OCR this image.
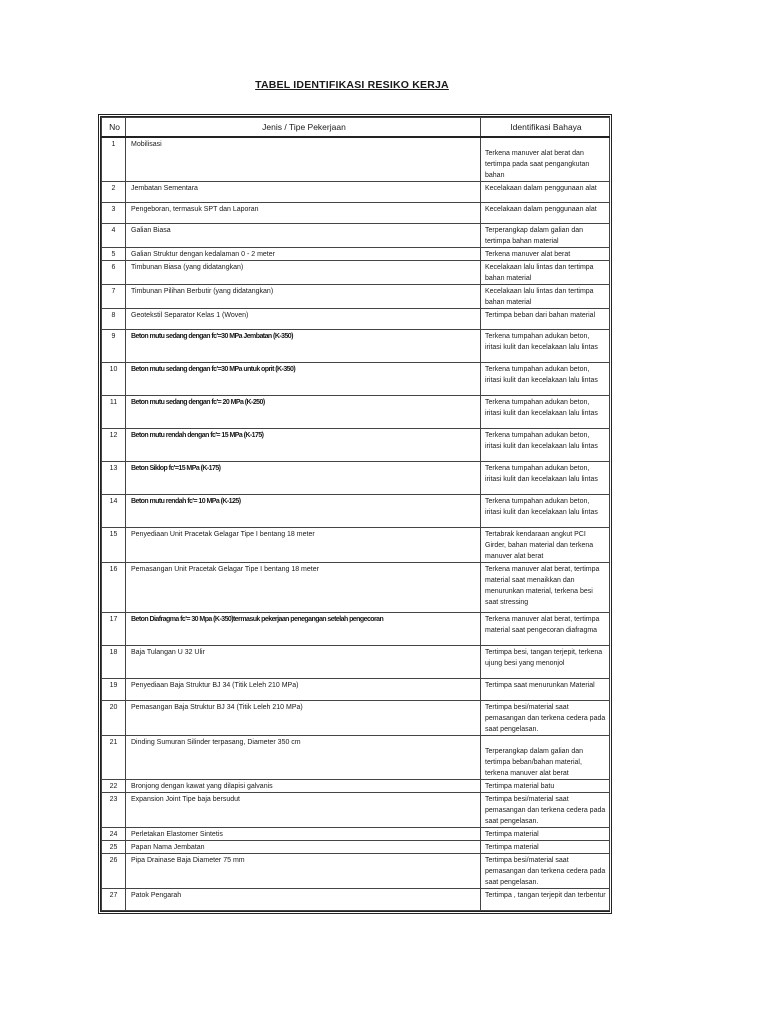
TABEL IDENTIFIKASI RESIKO KERJA
No	Jenis / Tipe Pekerjaan	Identifikasi Bahaya
1	Mobilisasi	Terkena manuver alat berat dan tertimpa pada saat pengangkutan bahan
2	Jembatan Sementara	Kecelakaan dalam penggunaan alat
3	Pengeboran, termasuk SPT dan Laporan	Kecelakaan dalam penggunaan alat
4	Galian Biasa	Terperangkap dalam galian dan tertimpa bahan material
5	Galian Struktur dengan kedalaman 0 - 2 meter	Terkena manuver alat berat
6	Timbunan Biasa (yang didatangkan)	Kecelakaan lalu lintas dan tertimpa bahan material
7	Timbunan Pilihan Berbutir (yang didatangkan)	Kecelakaan lalu lintas dan tertimpa bahan material
8	Geotekstil Separator Kelas 1 (Woven)	Tertimpa beban dari bahan material
9	Beton mutu sedang dengan fc'=30 MPa Jembatan (K-350)	Terkena tumpahan adukan beton, iritasi kulit dan kecelakaan lalu lintas
10	Beton mutu sedang dengan fc'=30 MPa untuk oprit (K-350)	Terkena tumpahan adukan beton, iritasi kulit dan kecelakaan lalu lintas
11	Beton mutu sedang dengan fc'= 20 MPa (K-250)	Terkena tumpahan adukan beton, iritasi kulit dan kecelakaan lalu lintas
12	Beton mutu rendah dengan fc'= 15 MPa (K-175)	Terkena tumpahan adukan beton, iritasi kulit dan kecelakaan lalu lintas
13	Beton Siklop fc'=15 MPa (K-175)	Terkena tumpahan adukan beton, iritasi kulit dan kecelakaan lalu lintas
14	Beton mutu rendah fc'= 10 MPa (K-125)	Terkena tumpahan adukan beton, iritasi kulit dan kecelakaan lalu lintas
15	Penyediaan Unit Pracetak Gelagar Tipe I bentang 18 meter	Tertabrak kendaraan angkut PCI Girder, bahan material dan terkena manuver alat berat
16	Pemasangan Unit Pracetak Gelagar Tipe I bentang 18 meter	Terkena manuver alat berat, tertimpa material saat menaikkan dan menurunkan material, terkena besi saat stressing
17	Beton Diafragma fc'= 30 Mpa (K-350)termasuk pekerjaan penegangan setelah pengecoran	Terkena manuver alat berat, tertimpa material saat pengecoran diafragma
18	Baja Tulangan U 32 Ulir	Tertimpa besi, tangan terjepit, terkena ujung besi yang menonjol
19	Penyediaan Baja Struktur BJ 34 (Titik Leleh 210 MPa)	Tertimpa saat menurunkan Material
20	Pemasangan Baja Struktur BJ 34 (Titik Leleh 210 MPa)	Tertimpa besi/material saat pemasangan dan terkena cedera pada saat pengelasan.
21	Dinding Sumuran Silinder terpasang, Diameter 350 cm	Terperangkap dalam galian dan tertimpa beban/bahan material, terkena manuver alat berat
22	Bronjong dengan kawat yang dilapisi galvanis	Tertimpa material batu
23	Expansion Joint Tipe baja bersudut	Tertimpa besi/material saat pemasangan dan terkena cedera pada saat pengelasan.
24	Perletakan Elastomer Sintetis	Tertimpa material
25	Papan Nama Jembatan	Tertimpa material
26	Pipa Drainase Baja Diameter 75 mm	Tertimpa besi/material saat pemasangan dan terkena cedera pada saat pengelasan.
27	Patok Pengarah	Tertimpa , tangan terjepit dan terbentur
